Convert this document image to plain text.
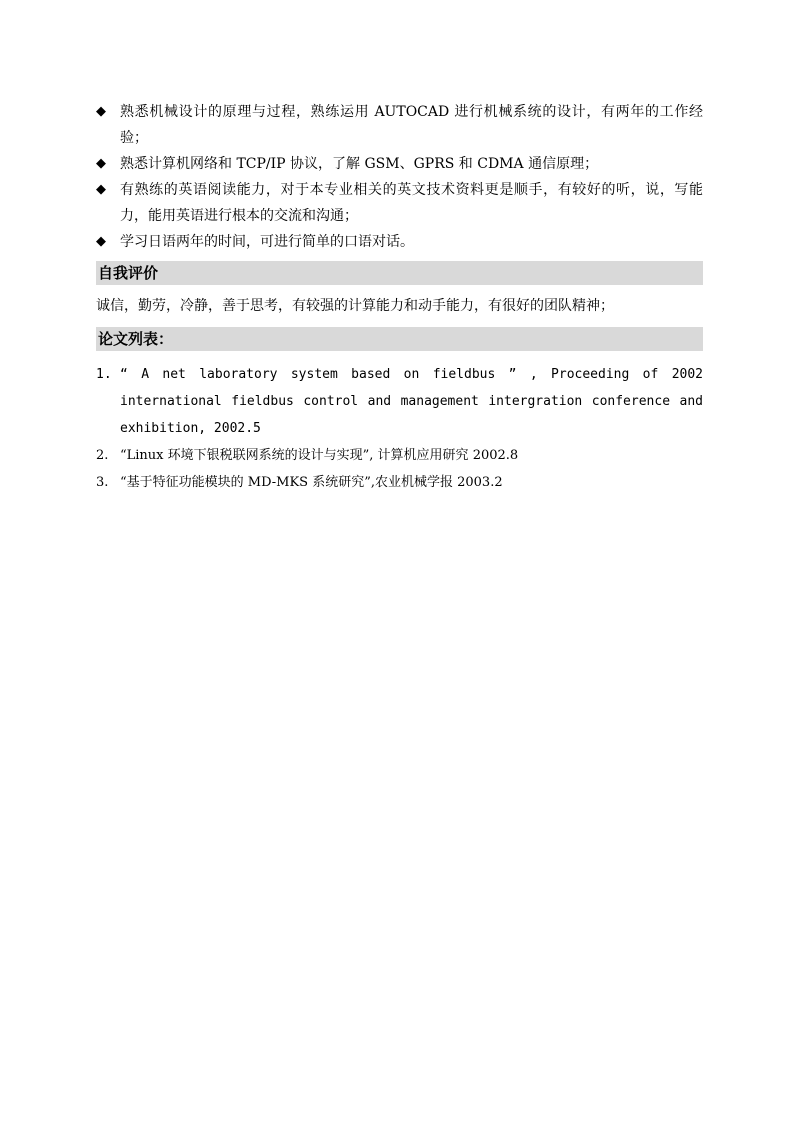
◆	熟悉机械设计的原理与过程，熟练运用 AUTOCAD 进行机械系统的设计，有两年的工作经验；
◆	熟悉计算机网络和 TCP/IP 协议，了解 GSM、GPRS 和 CDMA 通信原理；
◆	有熟练的英语阅读能力，对于本专业相关的英文技术资料更是顺手，有较好的听，说，写能力，能用英语进行根本的交流和沟通；
◆	学习日语两年的时间，可进行简单的口语对话。
自我评价

诚信，勤劳，冷静，善于思考，有较强的计算能力和动手能力，有很好的团队精神；

论文列表：
1. “ A net laboratory system based on fieldbus ” , Proceeding of 2002 international fieldbus control and management intergration conference and exhibition, 2002.5
2. “Linux 环境下银税联网系统的设计与实现”, 计算机应用研究 2002.8
3. “基于特征功能模块的 MD-MKS 系统研究”,农业机械学报 2003.2
